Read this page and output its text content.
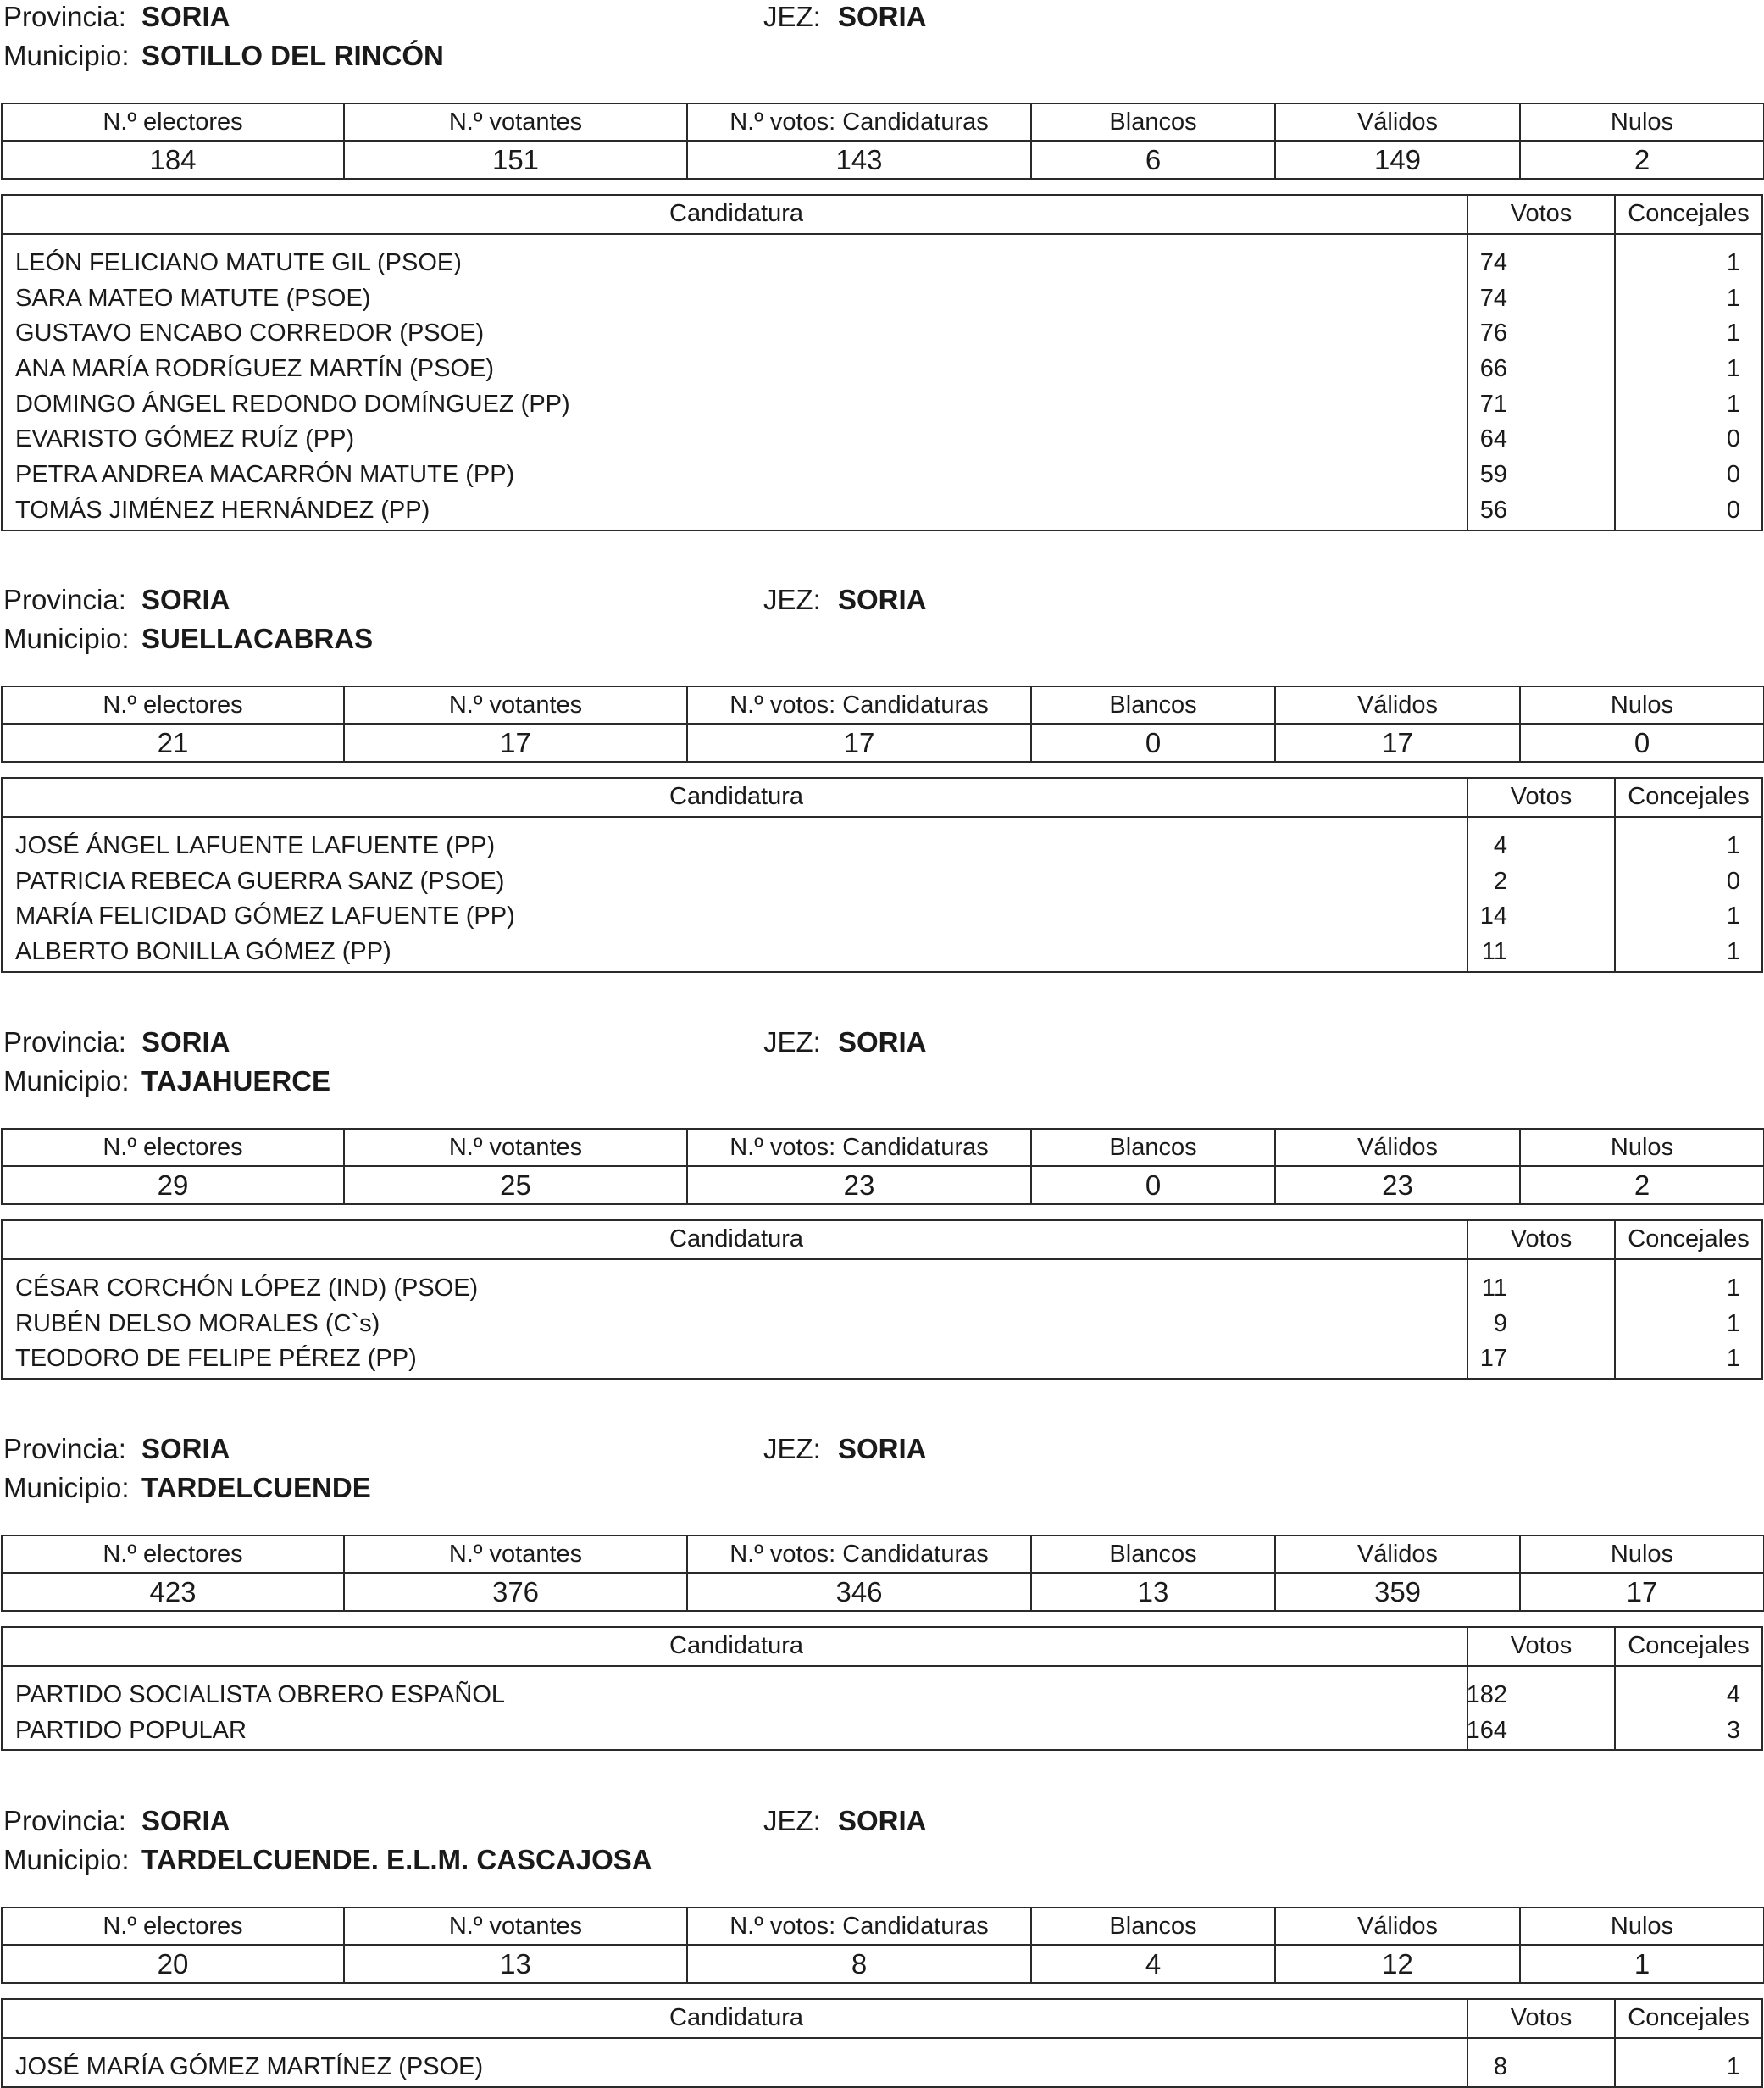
Provincia: SORIA	JEZ: SORIA
Municipio: SOTILLO DEL RINCÓN
N.º electores	N.º votantes	N.º votos: Candidaturas	Blancos	Válidos	Nulos
184	151	143	6	149	2
Candidatura	Votos	Concejales
LEÓN FELICIANO MATUTE GIL (PSOE)	74	1
SARA MATEO MATUTE (PSOE)	74	1
GUSTAVO ENCABO CORREDOR (PSOE)	76	1
ANA MARÍA RODRÍGUEZ MARTÍN (PSOE)	66	1
DOMINGO ÁNGEL REDONDO DOMÍNGUEZ (PP)	71	1
EVARISTO GÓMEZ RUÍZ (PP)	64	0
PETRA ANDREA MACARRÓN MATUTE (PP)	59	0
TOMÁS JIMÉNEZ HERNÁNDEZ (PP)	56	0
Provincia: SORIA	JEZ: SORIA
Municipio: SUELLACABRAS
N.º electores	N.º votantes	N.º votos: Candidaturas	Blancos	Válidos	Nulos
21	17	17	0	17	0
Candidatura	Votos	Concejales
JOSÉ ÁNGEL LAFUENTE LAFUENTE (PP)	4	1
PATRICIA REBECA GUERRA SANZ (PSOE)	2	0
MARÍA FELICIDAD GÓMEZ LAFUENTE (PP)	14	1
ALBERTO BONILLA GÓMEZ (PP)	11	1
Provincia: SORIA	JEZ: SORIA
Municipio: TAJAHUERCE
N.º electores	N.º votantes	N.º votos: Candidaturas	Blancos	Válidos	Nulos
29	25	23	0	23	2
Candidatura	Votos	Concejales
CÉSAR CORCHÓN LÓPEZ (IND) (PSOE)	11	1
RUBÉN DELSO MORALES (C`s)	9	1
TEODORO DE FELIPE PÉREZ (PP)	17	1
Provincia: SORIA	JEZ: SORIA
Municipio: TARDELCUENDE
N.º electores	N.º votantes	N.º votos: Candidaturas	Blancos	Válidos	Nulos
423	376	346	13	359	17
Candidatura	Votos	Concejales
PARTIDO SOCIALISTA OBRERO ESPAÑOL	182	4
PARTIDO POPULAR	164	3
Provincia: SORIA	JEZ: SORIA
Municipio: TARDELCUENDE. E.L.M. CASCAJOSA
N.º electores	N.º votantes	N.º votos: Candidaturas	Blancos	Válidos	Nulos
20	13	8	4	12	1
Candidatura	Votos	Concejales
JOSÉ MARÍA GÓMEZ MARTÍNEZ (PSOE)	8	1
